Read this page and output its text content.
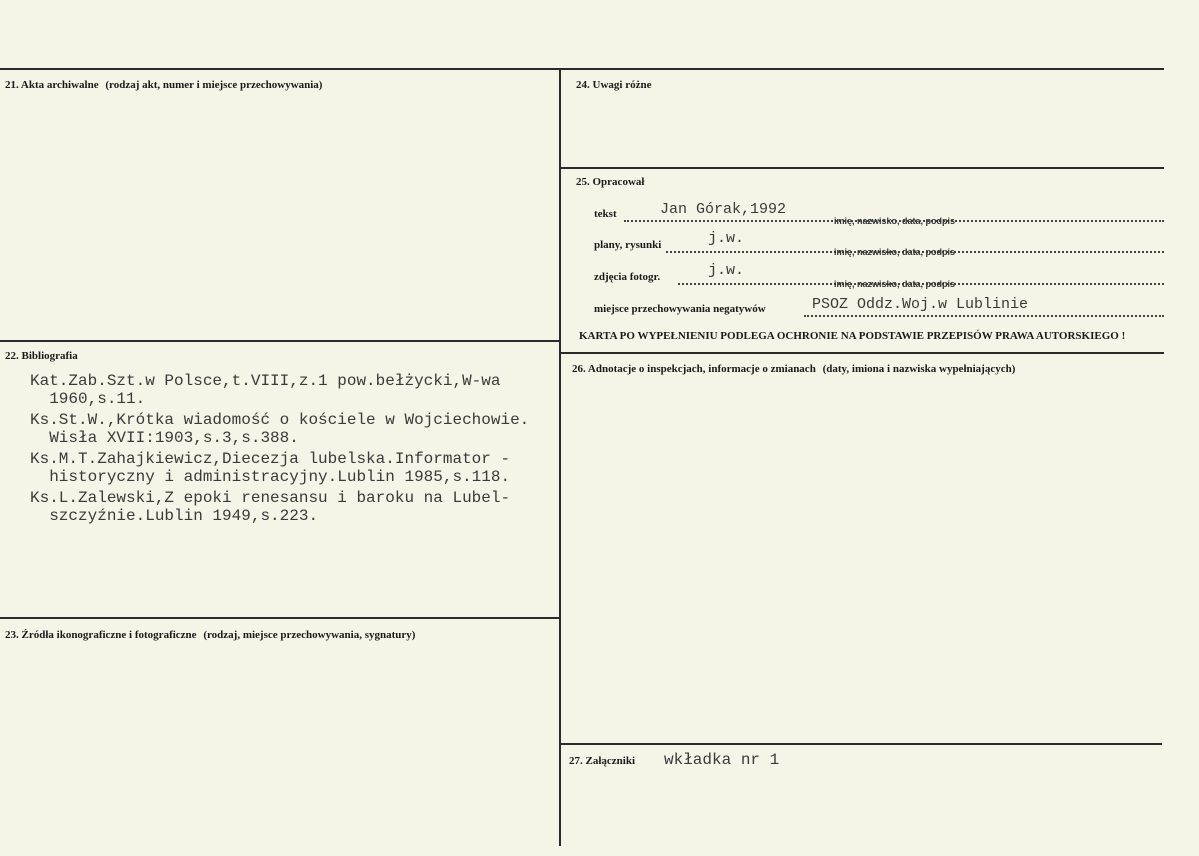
21. Akta archiwalne (rodzaj akt, numer i miejsce przechowywania)
22. Bibliografia
Kat.Zab.Szt.w Polsce,t.VIII,z.1 pow.bełżycki,W-wa
1960,s.11.
Ks.St.W.,Krótka wiadomość o kościele w Wojciechowie.
Wisła XVII:1903,s.3,s.388.
Ks.M.T.Zahajkiewicz,Diecezja lubelska.Informator -
historyczny i administracyjny.Lublin 1985,s.118.
Ks.L.Zalewski,Z epoki renesansu i baroku na Lubel-
szczyźnie.Lublin 1949,s.223.
23. Źródła ikonograficzne i fotograficzne (rodzaj, miejsce przechowywania, sygnatury)
24. Uwagi różne
25. Opracował
tekst	Jan Górak,1992
imię, nazwisko, data, podpis
plany, rysunki	j.w.
imię, nazwisko, data, podpis
zdjęcia fotogr.	j.w.
imię, nazwisko, data, podpis
miejsce przechowywania negatywów	PSOZ Oddz.Woj.w Lublinie
KARTA PO WYPEŁNIENIU PODLEGA OCHRONIE NA PODSTAWIE PRZEPISÓW PRAWA AUTORSKIEGO !
26. Adnotacje o inspekcjach, informacje o zmianach (daty, imiona i nazwiska wypełniających)
27. Załączniki wkładka nr 1
